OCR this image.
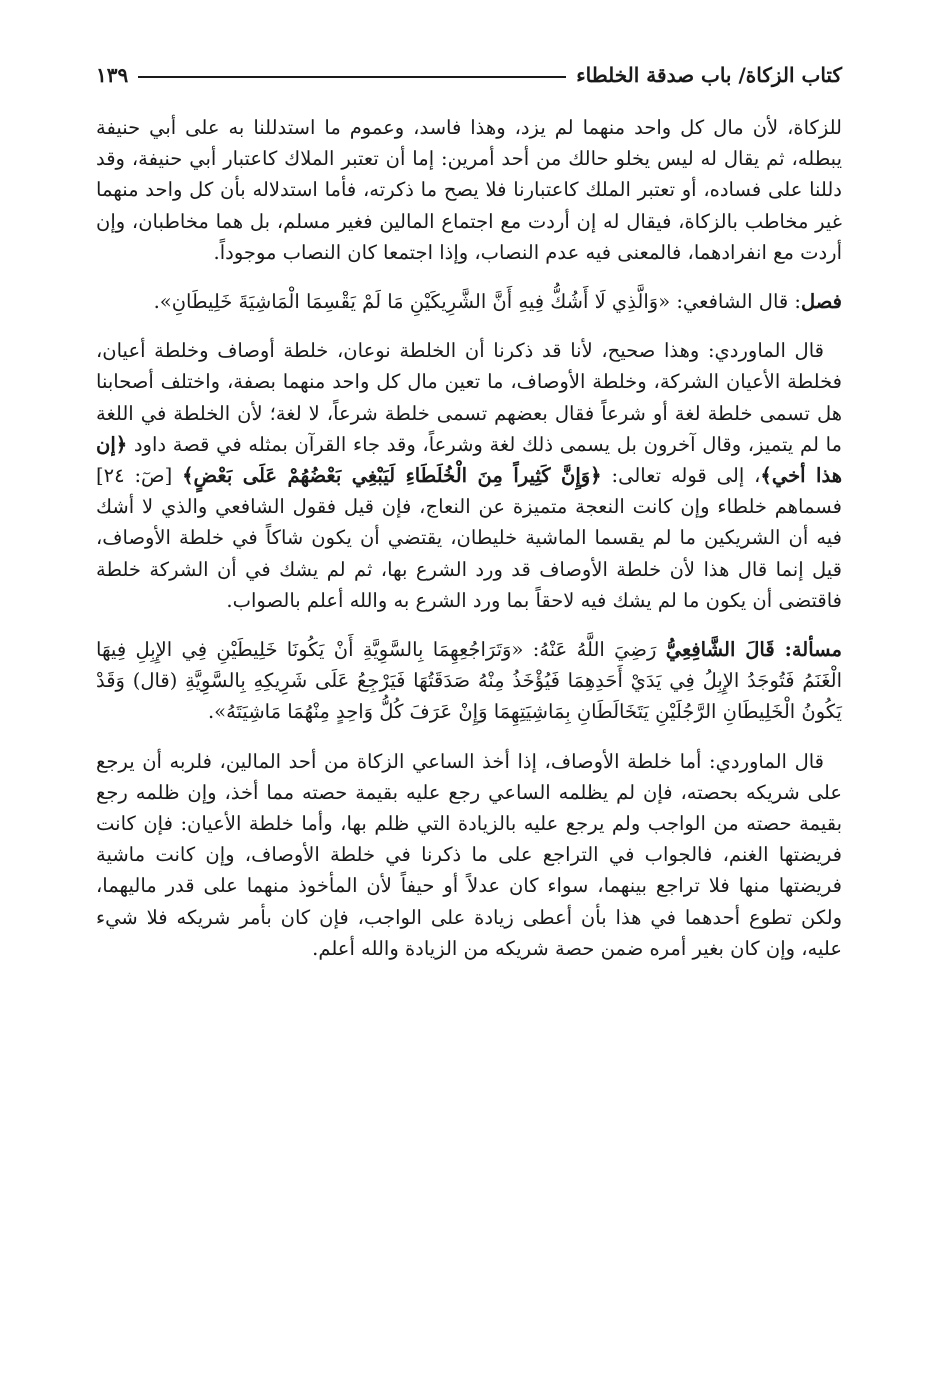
كتاب الزكاة/ باب صدقة الخلطاء
١٣٩

للزكاة، لأن مال كل واحد منهما لم يزد، وهذا فاسد، وعموم ما استدللنا به على أبي حنيفة يبطله، ثم يقال له ليس يخلو حالك من أحد أمرين: إما أن تعتبر الملاك كاعتبار أبي حنيفة، وقد دللنا على فساده، أو تعتبر الملك كاعتبارنا فلا يصح ما ذكرته، فأما استدلاله بأن كل واحد منهما غير مخاطب بالزكاة، فيقال له إن أردت مع اجتماع المالين فغير مسلم، بل هما مخاطبان، وإن أردت مع انفرادهما، فالمعنى فيه عدم النصاب، وإذا اجتمعا كان النصاب موجوداً.

فصل: قال الشافعي: «وَالَّذِي لَا أَشُكُّ فِيهِ أَنَّ الشَّرِيكَيْنِ مَا لَمْ يَقْسِمَا الْمَاشِيَةَ خَلِيطَانِ».

قال الماوردي: وهذا صحيح، لأنا قد ذكرنا أن الخلطة نوعان، خلطة أوصاف وخلطة أعيان، فخلطة الأعيان الشركة، وخلطة الأوصاف، ما تعين مال كل واحد منهما بصفة، واختلف أصحابنا هل تسمى خلطة لغة أو شرعاً فقال بعضهم تسمى خلطة شرعاً، لا لغة؛ لأن الخلطة في اللغة ما لم يتميز، وقال آخرون بل يسمى ذلك لغة وشرعاً، وقد جاء القرآن بمثله في قصة داود ﴿إن هذا أخي﴾، إلى قوله تعالى: ﴿وَإِنَّ كَثِيراً مِنَ الْخُلَطَاءِ لَيَبْغِي بَعْضُهُمْ عَلَى بَعْضٍ﴾ [صٓ: ٢٤] فسماهم خلطاء وإن كانت النعجة متميزة عن النعاج، فإن قيل فقول الشافعي والذي لا أشك فيه أن الشريكين ما لم يقسما الماشية خليطان، يقتضي أن يكون شاكاً في خلطة الأوصاف، قيل إنما قال هذا لأن خلطة الأوصاف قد ورد الشرع بها، ثم لم يشك في أن الشركة خلطة فاقتضى أن يكون ما لم يشك فيه لاحقاً بما ورد الشرع به والله أعلم بالصواب.

مسألة: قَالَ الشَّافِعِيُّ رَضِيَ اللَّهُ عَنْهُ: «وَتَرَاجُعِهِمَا بِالسَّوِيَّةِ أَنْ يَكُونَا خَلِيطَيْنِ فِي الإِبِلِ فِيهَا الْغَنَمُ فَتُوجَدُ الإِبِلُ فِي يَدَيْ أَحَدِهِمَا فَيُؤْخَذُ مِنْهُ صَدَقَتُهَا فَيَرْجِعُ عَلَى شَرِيكِهِ بِالسَّوِيَّةِ (قال) وَقَدْ يَكُونُ الْخَلِيطَانِ الرَّجُلَيْنِ يَتَخَالَطَانِ بِمَاشِيَتِهِمَا وَإِنْ عَرَفَ كُلُّ وَاحِدٍ مِنْهُمَا مَاشِيَتَهُ».

قال الماوردي: أما خلطة الأوصاف، إذا أخذ الساعي الزكاة من أحد المالين، فلربه أن يرجع على شريكه بحصته، فإن لم يظلمه الساعي رجع عليه بقيمة حصته مما أخذ، وإن ظلمه رجع بقيمة حصته من الواجب ولم يرجع عليه بالزيادة التي ظلم بها، وأما خلطة الأعيان: فإن كانت فريضتها الغنم، فالجواب في التراجع على ما ذكرنا في خلطة الأوصاف، وإن كانت ماشية فريضتها منها فلا تراجع بينهما، سواء كان عدلاً أو حيفاً لأن المأخوذ منهما على قدر ماليهما، ولكن تطوع أحدهما في هذا بأن أعطى زيادة على الواجب، فإن كان بأمر شريكه فلا شيء عليه، وإن كان بغير أمره ضمن حصة شريكه من الزيادة والله أعلم.
